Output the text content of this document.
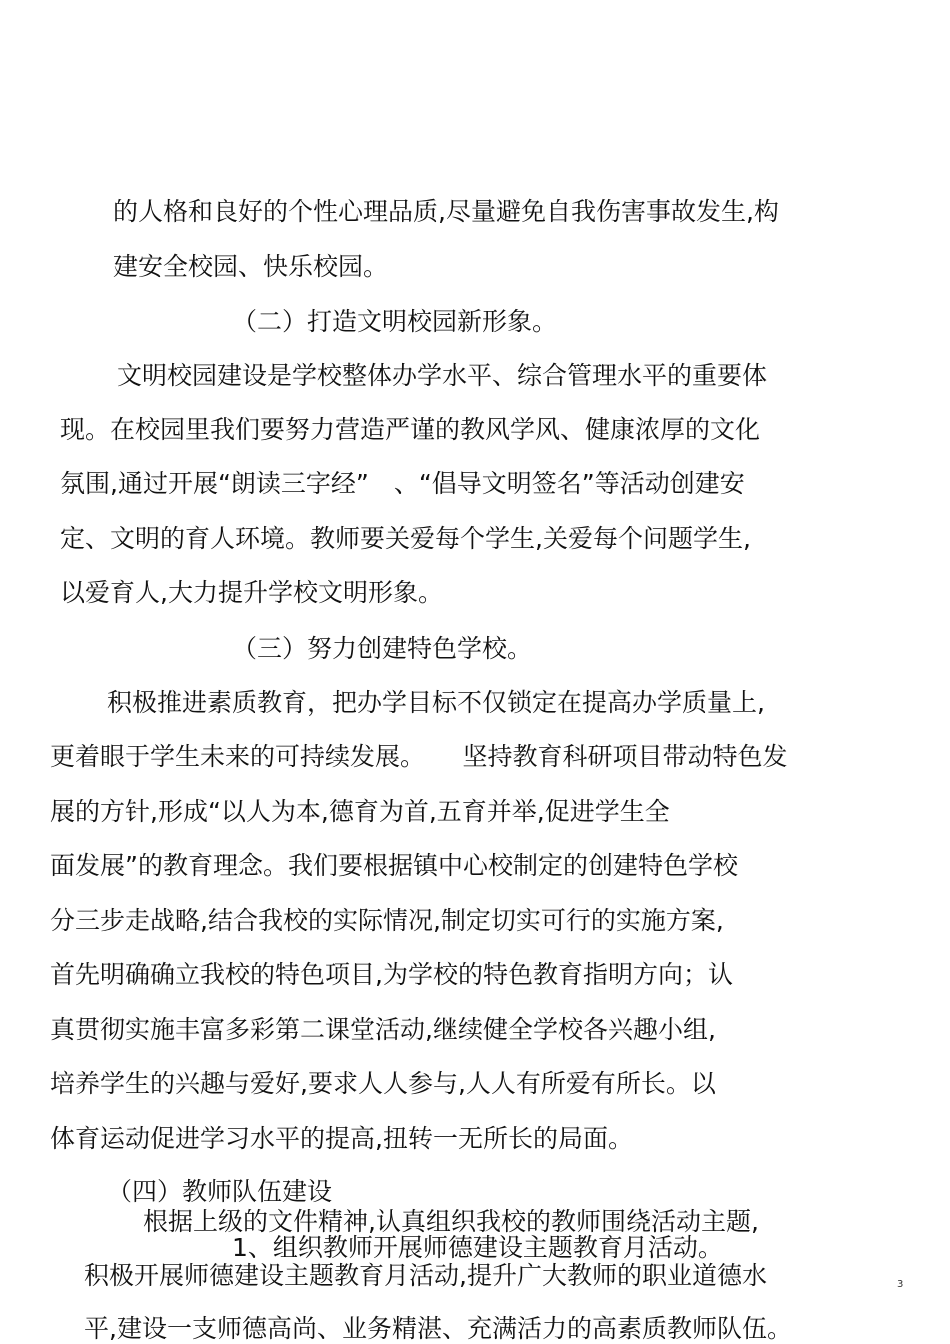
的人格和良好的个性心理品质,尽量避免自我伤害事故发生,构
建安全校园、快乐校园。
（二）打造文明校园新形象。
文明校园建设是学校整体办学水平、综合管理水平的重要体
现。在校园里我们要努力营造严谨的教风学风、健康浓厚的文化
氛围,通过开展“朗读三字经”　、“倡导文明签名”等活动创建安
定、文明的育人环境。教师要关爱每个学生,关爱每个问题学生,
以爱育人,大力提升学校文明形象。
（三）努力创建特色学校。
积极推进素质教育，把办学目标不仅锁定在提高办学质量上,
更着眼于学生未来的可持续发展。　　坚持教育科研项目带动特色发
展的方针,形成“以人为本,德育为首,五育并举,促进学生全
面发展”的教育理念。我们要根据镇中心校制定的创建特色学校
分三步走战略,结合我校的实际情况,制定切实可行的实施方案,
首先明确确立我校的特色项目,为学校的特色教育指明方向；认
真贯彻实施丰富多彩第二课堂活动,继续健全学校各兴趣小组,
培养学生的兴趣与爱好,要求人人参与,人人有所爱有所长。以
体育运动促进学习水平的提高,扭转一无所长的局面。
（四）教师队伍建设
根据上级的文件精神,认真组织我校的教师围绕活动主题,
1、组织教师开展师德建设主题教育月活动。
积极开展师德建设主题教育月活动,提升广大教师的职业道德水
平,建设一支师德高尚、业务精湛、充满活力的高素质教师队伍。
3
